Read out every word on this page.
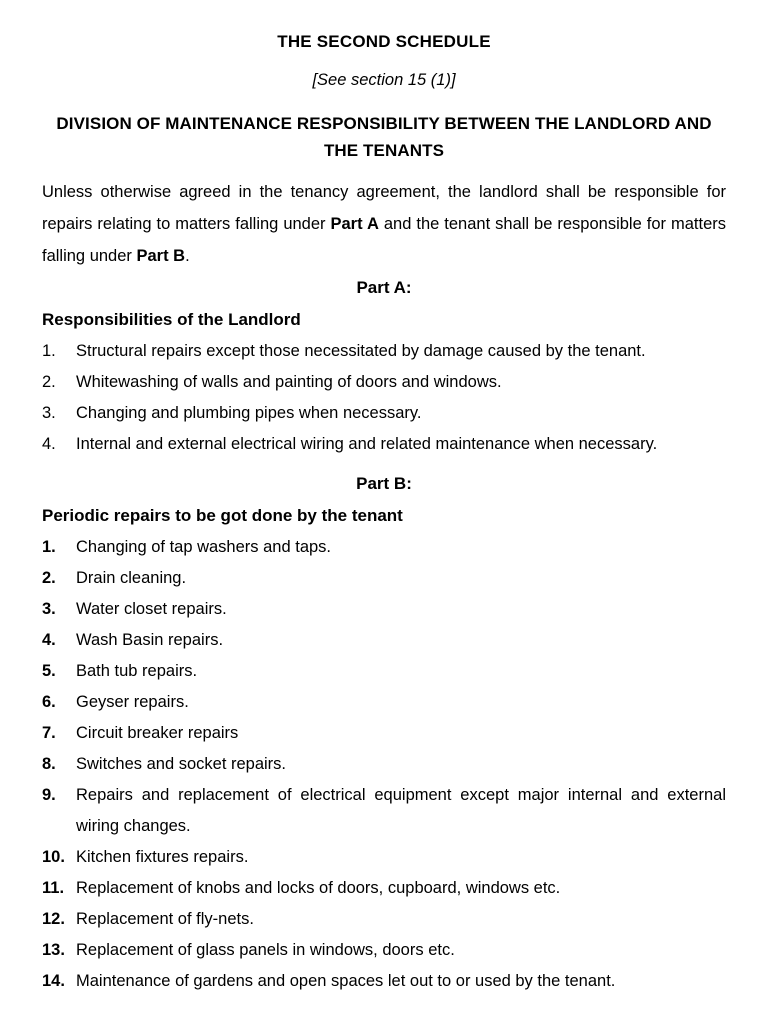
THE SECOND SCHEDULE
[See section 15 (1)]
DIVISION OF MAINTENANCE RESPONSIBILITY BETWEEN THE LANDLORD AND THE TENANTS

Unless otherwise agreed in the tenancy agreement, the landlord shall be responsible for repairs relating to matters falling under Part A and the tenant shall be responsible for matters falling under Part B.

Part A:
Responsibilities of the Landlord
1.	Structural repairs except those necessitated by damage caused by the tenant.
2.	Whitewashing of walls and painting of doors and windows.
3.	Changing and plumbing pipes when necessary.
4.	Internal and external electrical wiring and related maintenance when necessary.
Part B:
Periodic repairs to be got done by the tenant
1.	Changing of tap washers and taps.
2.	Drain cleaning.
3.	Water closet repairs.
4.	Wash Basin repairs.
5.	Bath tub repairs.
6.	Geyser repairs.
7.	Circuit breaker repairs
8.	Switches and socket repairs.
9.	Repairs and replacement of electrical equipment except major internal and external wiring changes.
10. Kitchen fixtures repairs.
11. Replacement of knobs and locks of doors, cupboard, windows etc.
12. Replacement of fly-nets.
13. Replacement of glass panels in windows, doors etc.
14. Maintenance of gardens and open spaces let out to or used by the tenant.
